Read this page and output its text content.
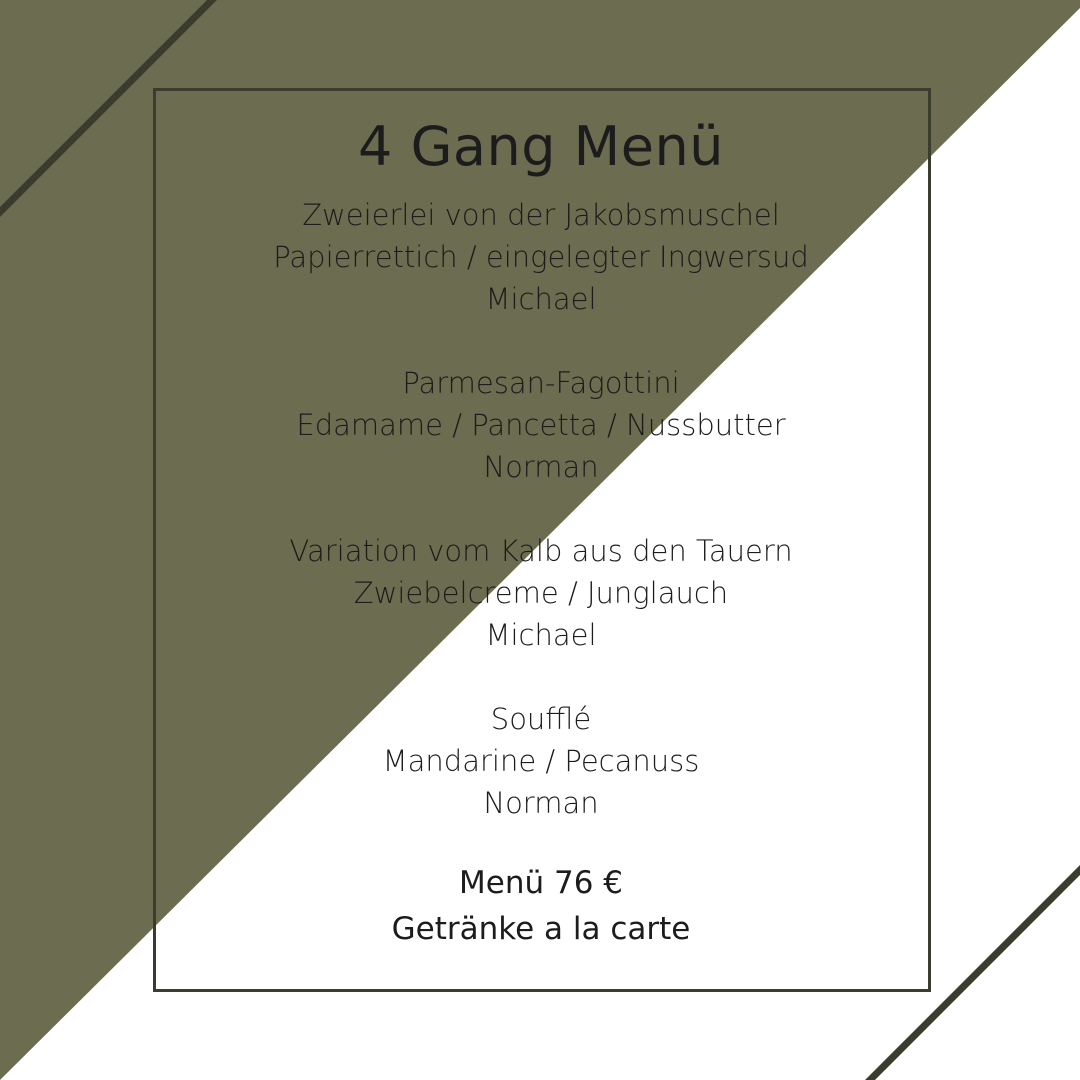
4 Gang Menü
Zweierlei von der Jakobsmuschel
Papierrettich / eingelegter Ingwersud
Michael
Parmesan-Fagottini
Edamame / Pancetta / Nussbutter
Norman
Variation vom Kalb aus den Tauern
Zwiebelcreme / Junglauch
Michael
Soufflé
Mandarine / Pecanuss
Norman
Menü 76 €
Getränke a la carte
